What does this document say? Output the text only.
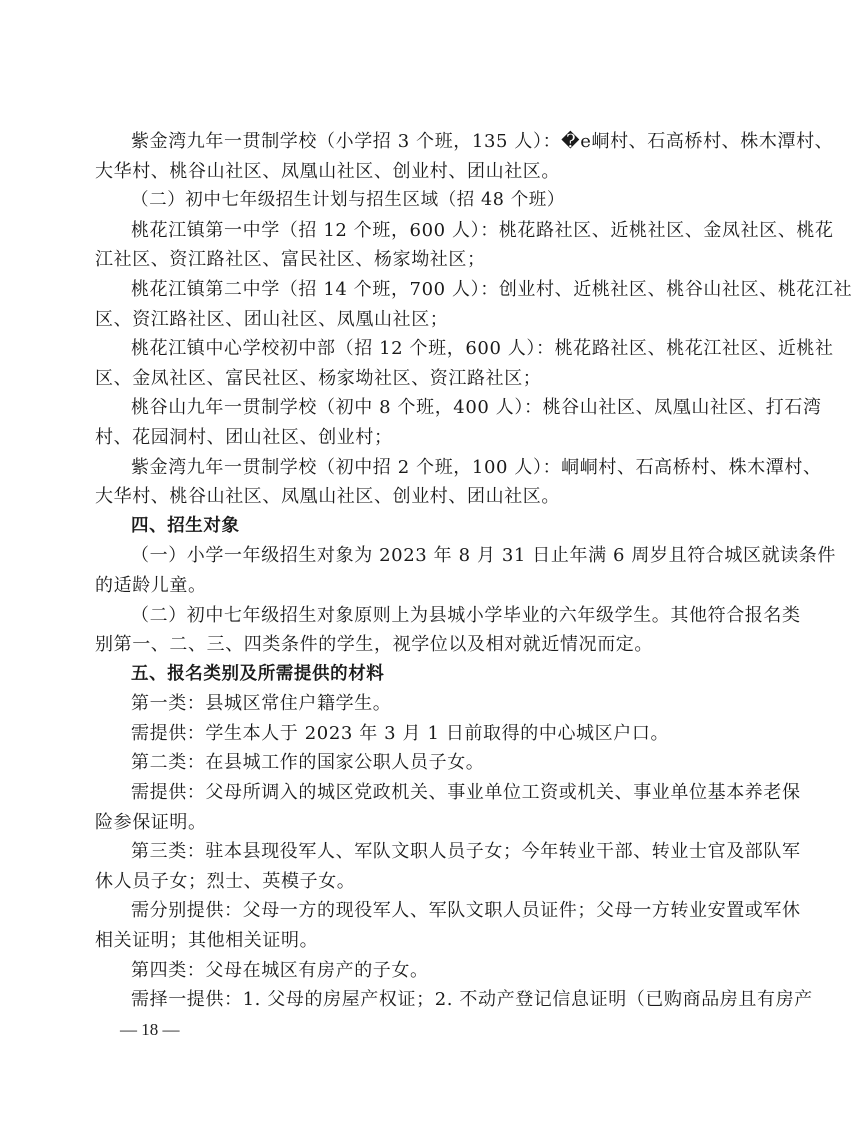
紫金湾九年一贯制学校（小学招 3 个班，135 人）：�e峒村、石高桥村、株木潭村、
大华村、桃谷山社区、凤凰山社区、创业村、团山社区。
（二）初中七年级招生计划与招生区域（招 48 个班）
桃花江镇第一中学（招 12 个班，600 人）：桃花路社区、近桃社区、金凤社区、桃花
江社区、资江路社区、富民社区、杨家坳社区；
桃花江镇第二中学（招 14 个班，700 人）：创业村、近桃社区、桃谷山社区、桃花江社
区、资江路社区、团山社区、凤凰山社区；
桃花江镇中心学校初中部（招 12 个班，600 人）：桃花路社区、桃花江社区、近桃社
区、金凤社区、富民社区、杨家坳社区、资江路社区；
桃谷山九年一贯制学校（初中 8 个班，400 人）：桃谷山社区、凤凰山社区、打石湾
村、花园洞村、团山社区、创业村；
紫金湾九年一贯制学校（初中招 2 个班，100 人）：峒峒村、石高桥村、株木潭村、
大华村、桃谷山社区、凤凰山社区、创业村、团山社区。
四、招生对象
（一）小学一年级招生对象为 2023 年 8 月 31 日止年满 6 周岁且符合城区就读条件
的适龄儿童。
（二）初中七年级招生对象原则上为县城小学毕业的六年级学生。其他符合报名类
别第一、二、三、四类条件的学生，视学位以及相对就近情况而定。
五、报名类别及所需提供的材料
第一类：县城区常住户籍学生。
需提供：学生本人于 2023 年 3 月 1 日前取得的中心城区户口。
第二类：在县城工作的国家公职人员子女。
需提供：父母所调入的城区党政机关、事业单位工资或机关、事业单位基本养老保
险参保证明。
第三类：驻本县现役军人、军队文职人员子女；今年转业干部、转业士官及部队军
休人员子女；烈士、英模子女。
需分别提供：父母一方的现役军人、军队文职人员证件；父母一方转业安置或军休
相关证明；其他相关证明。
第四类：父母在城区有房产的子女。
需择一提供：1. 父母的房屋产权证；2. 不动产登记信息证明（已购商品房且有房产
— 18 —
